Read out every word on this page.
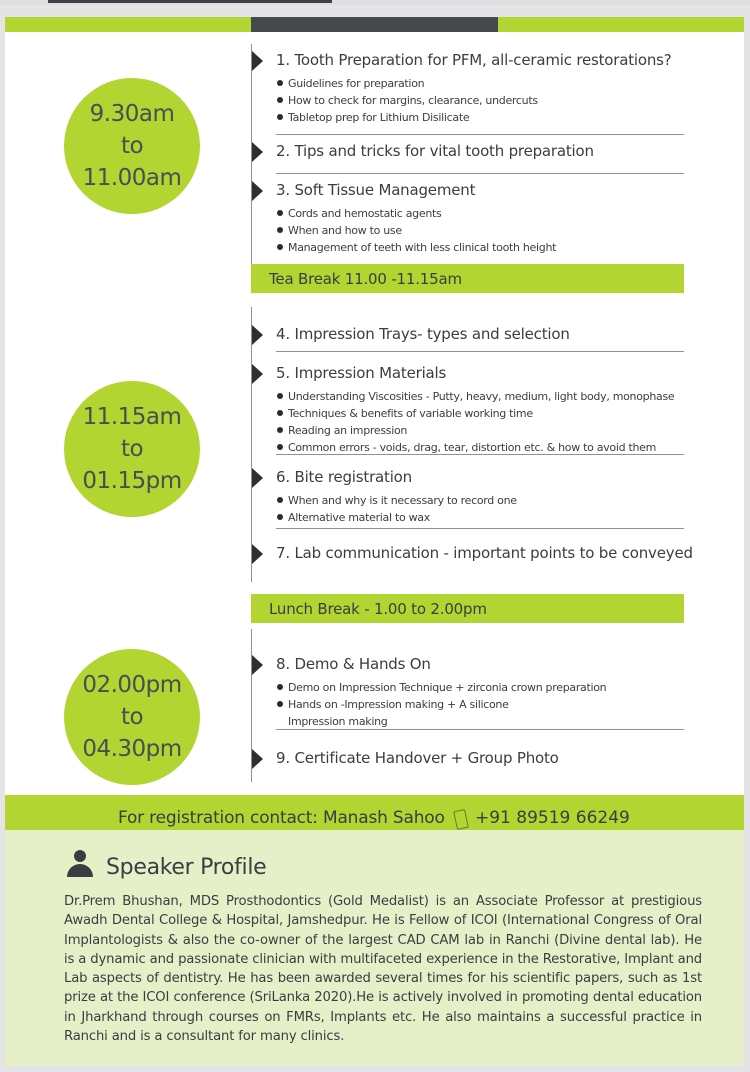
9.30am
to
11.00am
11.15am
to
01.15pm
02.00pm
to
04.30pm
1. Tooth Preparation for PFM, all-ceramic restorations?
Guidelines for preparation
How to check for margins, clearance, undercuts
Tabletop prep for Lithium Disilicate
2. Tips and tricks for vital tooth preparation
3. Soft Tissue Management
Cords and hemostatic agents
When and how to use
Management of teeth with less clinical tooth height
Tea Break 11.00 -11.15am
4. Impression Trays- types and selection
5. Impression Materials
Understanding Viscosities - Putty, heavy, medium, light body, monophase
Techniques & benefits of variable working time
Reading an impression
Common errors - voids, drag, tear, distortion etc. & how to avoid them
6. Bite registration
When and why is it necessary to record one
Alternative material to wax
7. Lab communication - important points to be conveyed
Lunch Break - 1.00 to 2.00pm
8. Demo & Hands On
Demo on Impression Technique + zirconia crown preparation
Hands on -Impression making + A silicone
Impression making
9. Certificate Handover + Group Photo
For registration contact: Manash Sahoo +91 89519 66249
Speaker Profile
Dr.Prem Bhushan, MDS Prosthodontics (Gold Medalist) is an Associate Professor at prestigious Awadh Dental College & Hospital, Jamshedpur. He is Fellow of ICOI (International Congress of Oral Implantologists & also the co-owner of the largest CAD CAM lab in Ranchi (Divine dental lab). He is a dynamic and passionate clinician with multifaceted experience in the Restorative, Implant and Lab aspects of dentistry. He has been awarded several times for his scientific papers, such as 1st prize at the ICOI conference (SriLanka 2020).He is actively involved in promoting dental education in Jharkhand through courses on FMRs, Implants etc. He also maintains a successful practice in Ranchi and is a consultant for many clinics.
